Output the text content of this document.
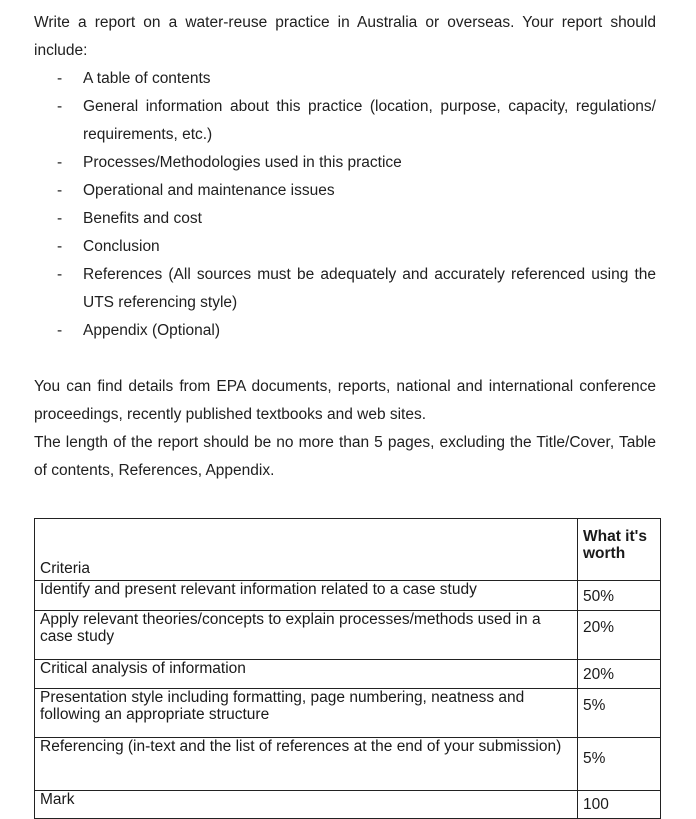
Write a report on a water-reuse practice in Australia or overseas. Your report should include:

- A table of contents
- General information about this practice (location, purpose, capacity, regulations/ requirements, etc.)
- Processes/Methodologies used in this practice
- Operational and maintenance issues
- Benefits and cost
- Conclusion
- References (All sources must be adequately and accurately referenced using the UTS referencing style)
- Appendix (Optional)

You can find details from EPA documents, reports, national and international conference proceedings, recently published textbooks and web sites.

The length of the report should be no more than 5 pages, excluding the Title/Cover, Table of contents, References, Appendix.

Criteria	What it's worth
Identify and present relevant information related to a case study	50%
Apply relevant theories/concepts to explain processes/methods used in a case study	20%
Critical analysis of information	20%
Presentation style including formatting, page numbering, neatness and following an appropriate structure	5%
Referencing (in-text and the list of references at the end of your submission)	5%
Mark	100
